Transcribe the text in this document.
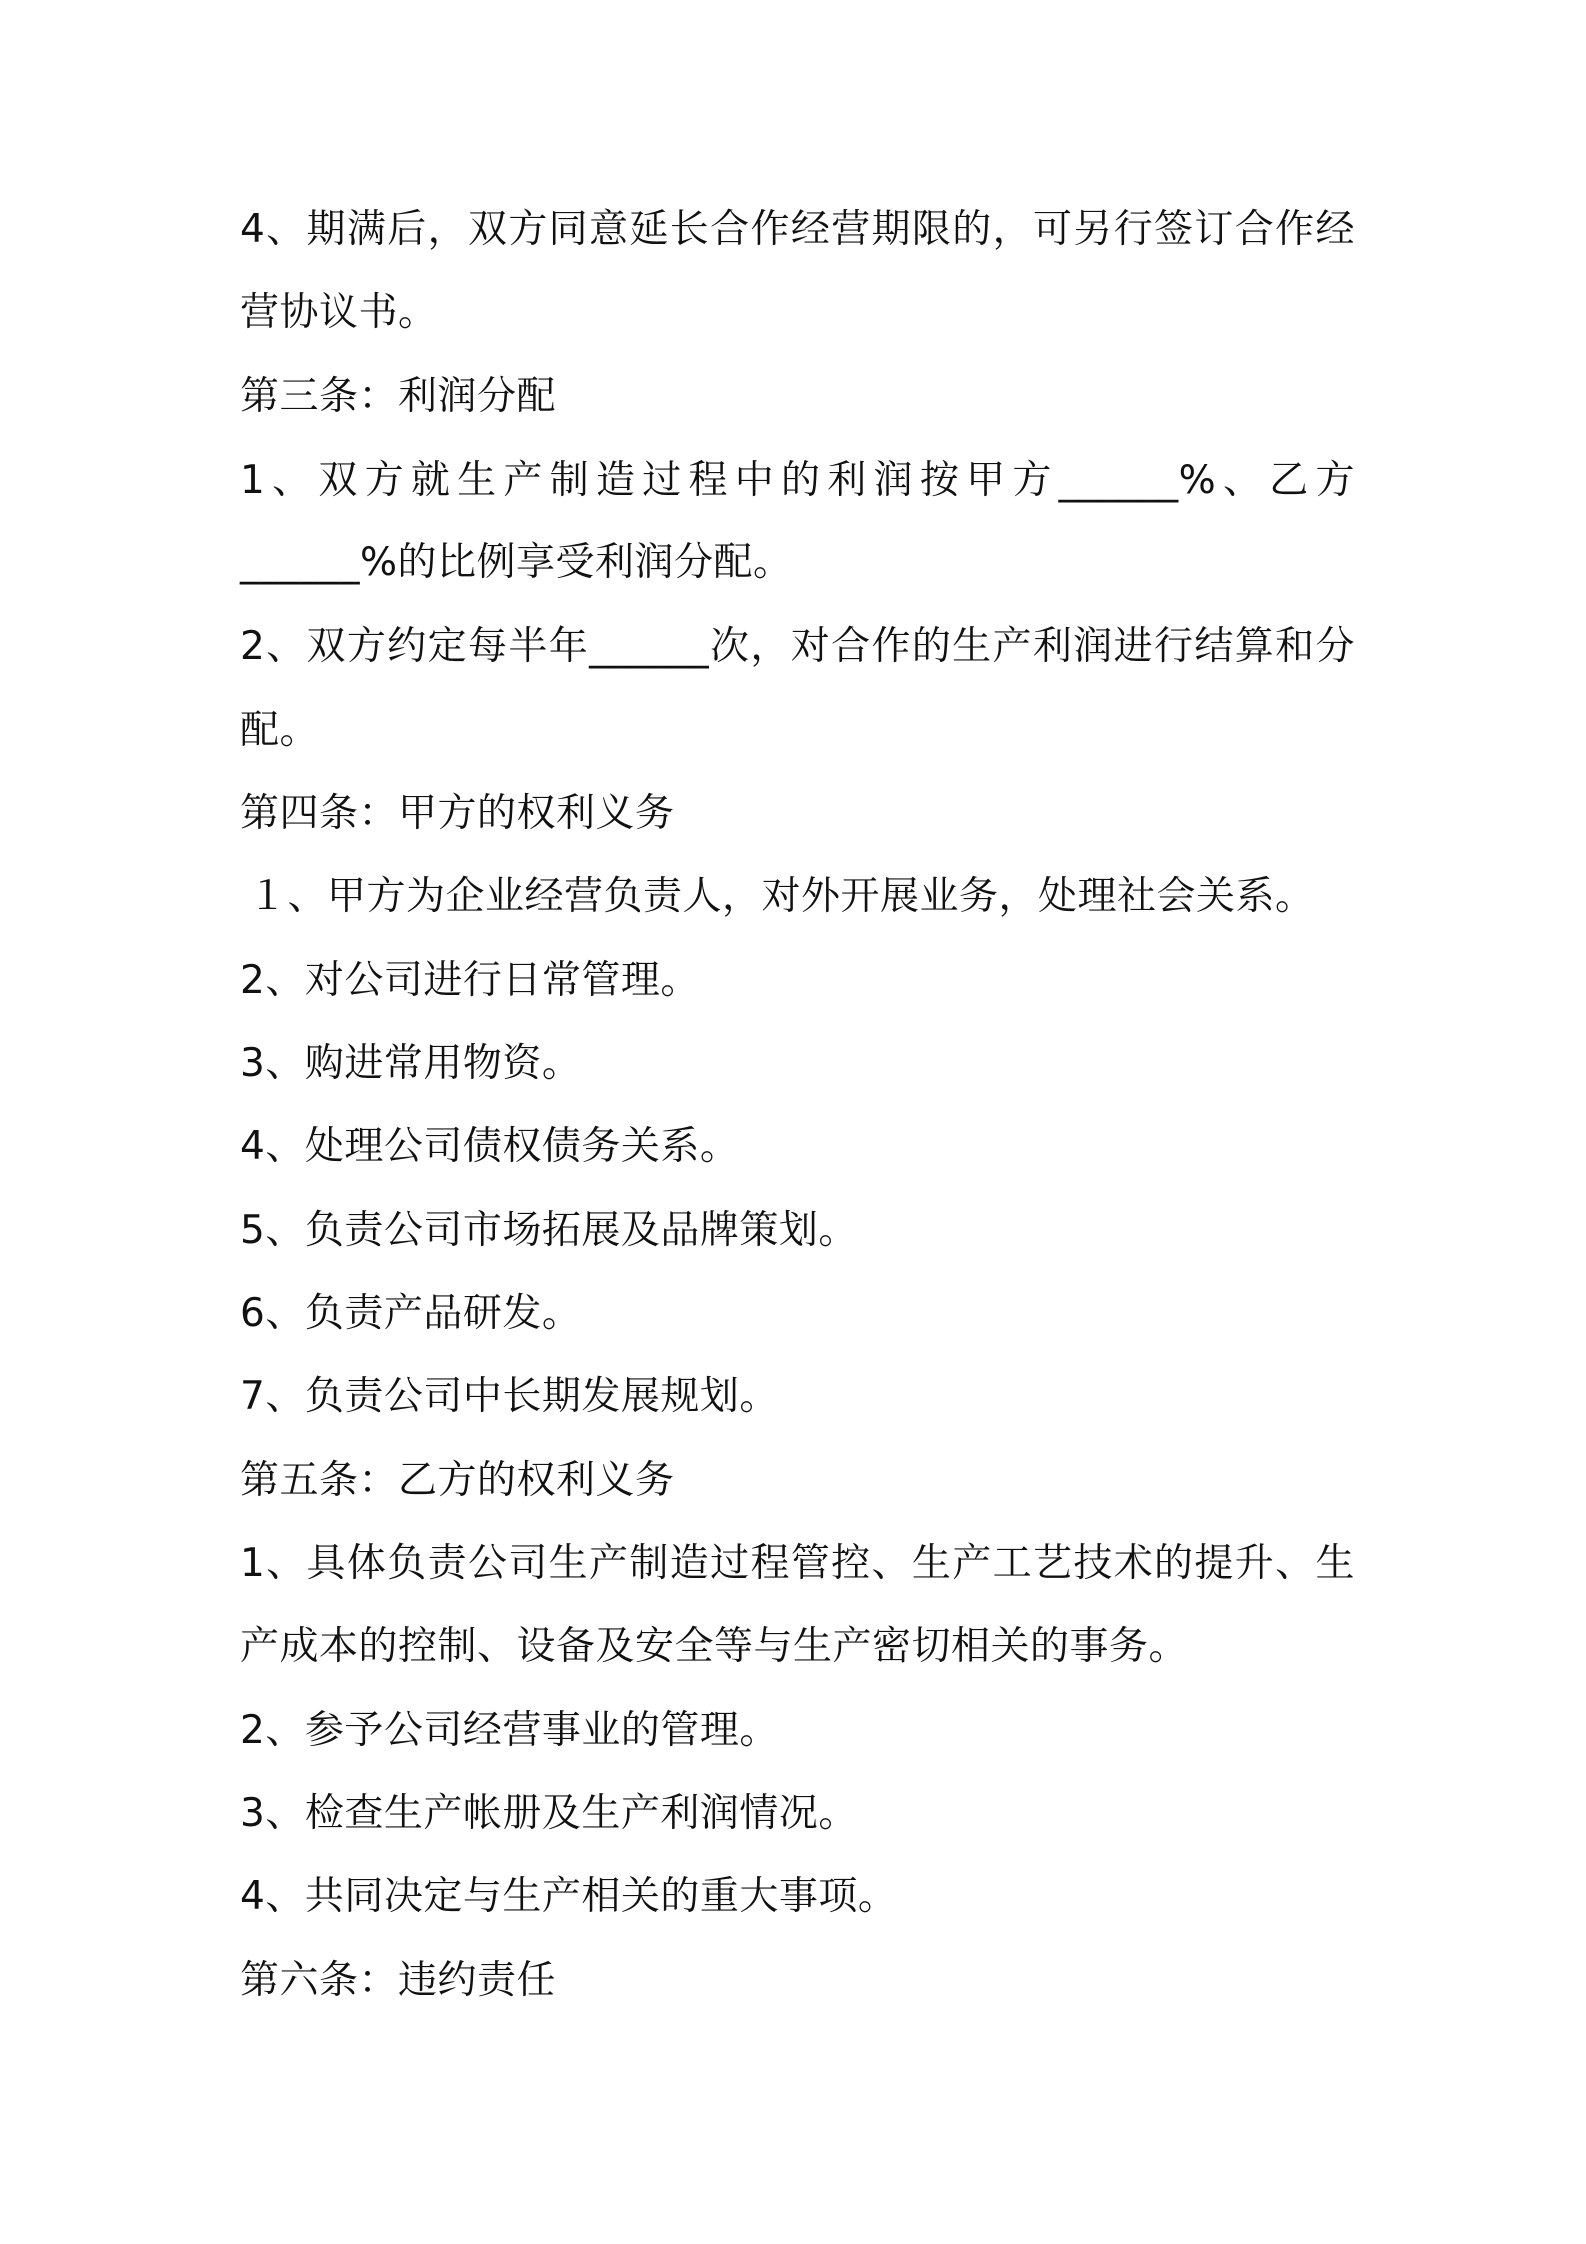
4、期满后，双方同意延长合作经营期限的，可另行签订合作经
营协议书。
第三条：利润分配
1、双方就生产制造过程中的利润按甲方______%、乙方
______%的比例享受利润分配。
2、双方约定每半年______次，对合作的生产利润进行结算和分
配。
第四条：甲方的权利义务
１、甲方为企业经营负责人，对外开展业务，处理社会关系。
2、对公司进行日常管理。
3、购进常用物资。
4、处理公司债权债务关系。
5、负责公司市场拓展及品牌策划。
6、负责产品研发。
7、负责公司中长期发展规划。
第五条：乙方的权利义务
1、具体负责公司生产制造过程管控、生产工艺技术的提升、生
产成本的控制、设备及安全等与生产密切相关的事务。
2、参予公司经营事业的管理。
3、检查生产帐册及生产利润情况。
4、共同决定与生产相关的重大事项。
第六条：违约责任
